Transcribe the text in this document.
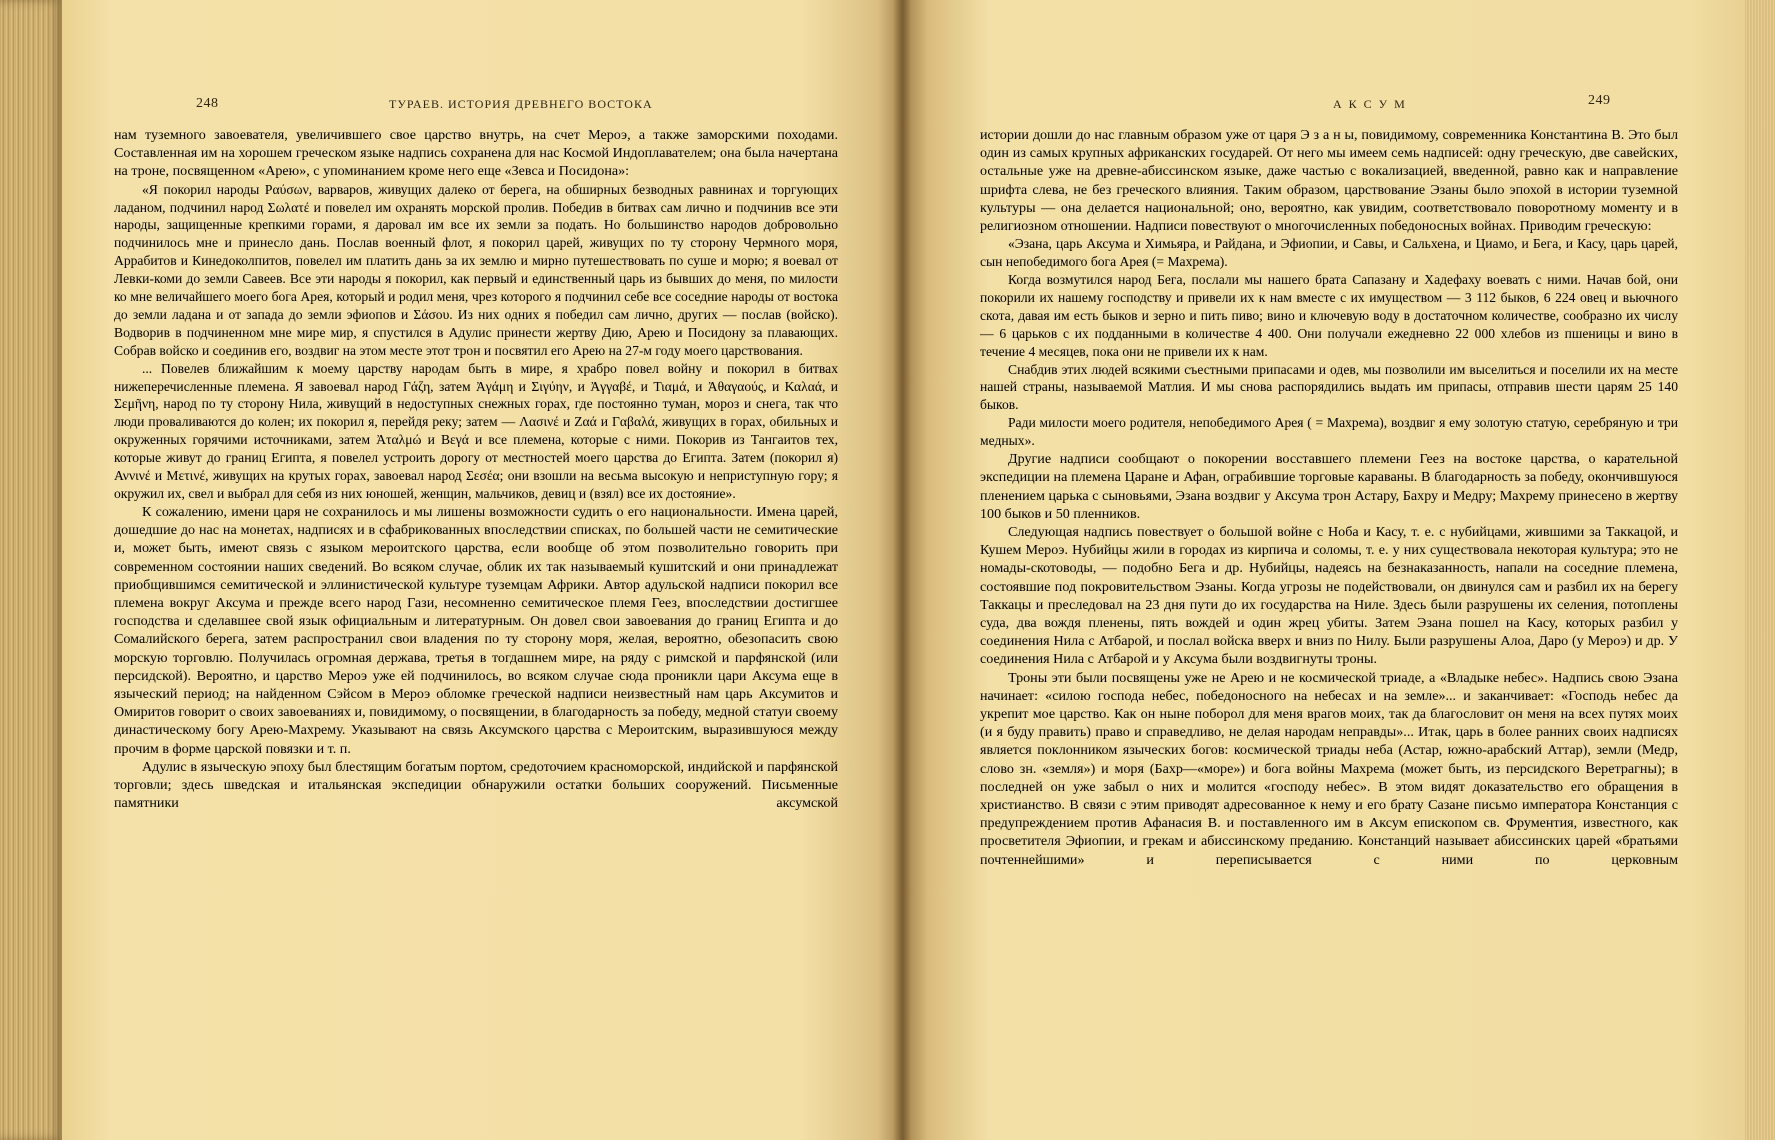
248	ТУРАЕВ. ИСТОРИЯ ДРЕВНЕГО ВОСТОКА	А К С У М	249

нам туземного завоевателя, увеличившего свое царство внутрь, на счет Мероэ, а также заморскими походами. Составленная им на хорошем греческом языке надпись сохранена для нас Космой Индоплавателем; она была начертана на троне, посвященном «Арею», с упоминанием кроме него еще «Зевса и Посидона»:

«Я покорил народы Ραύσων, варваров, живущих далеко от берега, на обширных безводных равнинах и торгующих ладаном, подчинил народ Σωλατέ и повелел им охранять морской пролив. Победив в битвах сам лично и подчинив все эти народы, защищенные крепкими горами, я даровал им все их земли за подать. Но большинство народов добровольно подчинилось мне и принесло дань. Послав военный флот, я покорил царей, живущих по ту сторону Чермного моря, Аррабитов и Кинедоколпитов, повелел им платить дань за их землю и мирно путешествовать по суше и морю; я воевал от Левки-коми до земли Савеев. Все эти народы я покорил, как первый и единственный царь из бывших до меня, по милости ко мне величайшего моего бога Арея, который и родил меня, чрез которого я подчинил себе все соседние народы от востока до земли ладана и от запада до земли эфиопов и Σάσου. Из них одних я победил сам лично, других — послав (войско). Водворив в подчиненном мне мире мир, я спустился в Адулис принести жертву Дию, Арею и Посидону за плавающих. Собрав войско и соединив его, воздвиг на этом месте этот трон и посвятил его Арею на 27-м году моего царствования.

... Повелев ближайшим к моему царству народам быть в мире, я храбро повел войну и покорил в битвах нижеперечисленные племена. Я завоевал народ Γάζη, затем Ἀγάμη и Σιγύην, и Ἀγγαβέ, и Τιαμά, и Ἀθαγαούς, и Καλαά, и Σεμῆνη, народ по ту сторону Нила, живущий в недоступных снежных горах, где постоянно туман, мороз и снега, так что люди проваливаются до колен; их покорил я, перейдя реку; затем — Λασινέ и Ζαά и Γαβαλά, живущих в горах, обильных и окруженных горячими источниками, затем Ἀταλμώ и Βεγά и все племена, которые с ними. Покорив из Тангаитов тех, которые живут до границ Египта, я повелел устроить дорогу от местностей моего царства до Египта. Затем (покорил я) Αννινέ и Μετινέ, живущих на крутых горах, завоевал народ Σεσέα; они взошли на весьма высокую и неприступную гору; я окружил их, свел и выбрал для себя из них юношей, женщин, мальчиков, девиц и (взял) все их достояние».

К сожалению, имени царя не сохранилось и мы лишены возможности судить о его национальности. Имена царей, дошедшие до нас на монетах, надписях и в сфабрикованных впоследствии списках, по большей части не семитические и, может быть, имеют связь с языком мероитского царства, если вообще об этом позволительно говорить при современном состоянии наших сведений. Во всяком случае, облик их так называемый кушитский и они принадлежат приобщившимся семитической и эллинистической культуре туземцам Африки. Автор адульской надписи покорил все племена вокруг Аксума и прежде всего народ Гази, несомненно семитическое племя Геез, впоследствии достигшее господства и сделавшее свой язык официальным и литературным. Он довел свои завоевания до границ Египта и до Сомалийского берега, затем распространил свои владения по ту сторону моря, желая, вероятно, обезопасить свою морскую торговлю. Получилась огромная держава, третья в тогдашнем мире, на ряду с римской и парфянской (или персидской). Вероятно, и царство Мероэ уже ей подчинилось, во всяком случае сюда проникли цари Аксума еще в языческий период; на найденном Сэйсом в Мероэ обломке греческой надписи неизвестный нам царь Аксумитов и Омиритов говорит о своих завоеваниях и, повидимому, о посвящении, в благодарность за победу, медной статуи своему династическому богу Арею-Махрему. Указывают на связь Аксумского царства с Мероитским, выразившуюся между прочим в форме царской повязки и т. п.

Адулис в языческую эпоху был блестящим богатым портом, средоточием красноморской, индийской и парфянской торговли; здесь шведская и итальянская экспедиции обнаружили остатки больших сооружений. Письменные памятники аксумской

истории дошли до нас главным образом уже от царя Э з а н ы, повидимому, современника Константина В. Это был один из самых крупных африканских государей. От него мы имеем семь надписей: одну греческую, две савейских, остальные уже на древне-абиссинском языке, даже частью с вокализацией, введенной, равно как и направление шрифта слева, не без греческого влияния. Таким образом, царствование Эзаны было эпохой в истории туземной культуры — она делается национальной; оно, вероятно, как увидим, соответствовало поворотному моменту и в религиозном отношении. Надписи повествуют о многочисленных победоносных войнах. Приводим греческую:

«Эзана, царь Аксума и Химьяра, и Райдана, и Эфиопии, и Савы, и Сальхена, и Циамо, и Бега, и Касу, царь царей, сын непобедимого бога Арея (= Махрема).

Когда возмутился народ Бега, послали мы нашего брата Сапазану и Хадефаху воевать с ними. Начав бой, они покорили их нашему господству и привели их к нам вместе с их имуществом — 3 112 быков, 6 224 овец и вьючного скота, давая им есть быков и зерно и пить пиво; вино и ключевую воду в достаточном количестве, сообразно их числу — 6 царьков с их подданными в количестве 4 400. Они получали ежедневно 22 000 хлебов из пшеницы и вино в течение 4 месяцев, пока они не привели их к нам.

Снабдив этих людей всякими съестными припасами и одев, мы позволили им выселиться и поселили их на месте нашей страны, называемой Матлия. И мы снова распорядились выдать им припасы, отправив шести царям 25 140 быков.

Ради милости моего родителя, непобедимого Арея ( = Махрема), воздвиг я ему золотую статую, серебряную и три медных».

Другие надписи сообщают о покорении восставшего племени Геез на востоке царства, о карательной экспедиции на племена Царане и Афан, ограбившие торговые караваны. В благодарность за победу, окончившуюся пленением царька с сыновьями, Эзана воздвиг у Аксума трон Астару, Бахру и Медру; Махрему принесено в жертву 100 быков и 50 пленников.

Следующая надпись повествует о большой войне с Ноба и Касу, т. е. с нубийцами, жившими за Таккацой, и Кушем Мероэ. Нубийцы жили в городах из кирпича и соломы, т. е. у них существовала некоторая культура; это не номады-скотоводы, — подобно Бега и др. Нубийцы, надеясь на безнаказанность, напали на соседние племена, состоявшие под покровительством Эзаны. Когда угрозы не подействовали, он двинулся сам и разбил их на берегу Таккацы и преследовал на 23 дня пути до их государства на Ниле. Здесь были разрушены их селения, потоплены суда, два вождя пленены, пять вождей и один жрец убиты. Затем Эзана пошел на Касу, которых разбил у соединения Нила с Атбарой, и послал войска вверх и вниз по Нилу. Были разрушены Алоа, Даро (у Мероэ) и др. У соединения Нила с Атбарой и у Аксума были воздвигнуты троны.

Троны эти были посвящены уже не Арею и не космической триаде, а «Владыке небес». Надпись свою Эзана начинает: «силою господа небес, победоносного на небесах и на земле»... и заканчивает: «Господь небес да укрепит мое царство. Как он ныне поборол для меня врагов моих, так да благословит он меня на всех путях моих (и я буду править) право и справедливо, не делая народам неправды»... Итак, царь в более ранних своих надписях является поклонником языческих богов: космической триады неба (Астар, южно-арабский Аттар), земли (Медр, слово зн. «земля») и моря (Бахр—«море») и бога войны Махрема (может быть, из персидского Веретрагны); в последней он уже забыл о них и молится «господу небес». В этом видят доказательство его обращения в христианство. В связи с этим приводят адресованное к нему и его брату Сазане письмо императора Констанция с предупреждением против Афанасия В. и поставленного им в Аксум епископом св. Фрументия, известного, как просветителя Эфиопии, и грекам и абиссинскому преданию. Констанций называет абиссинских царей «братьями почтеннейшими» и переписывается с ними по церковным
